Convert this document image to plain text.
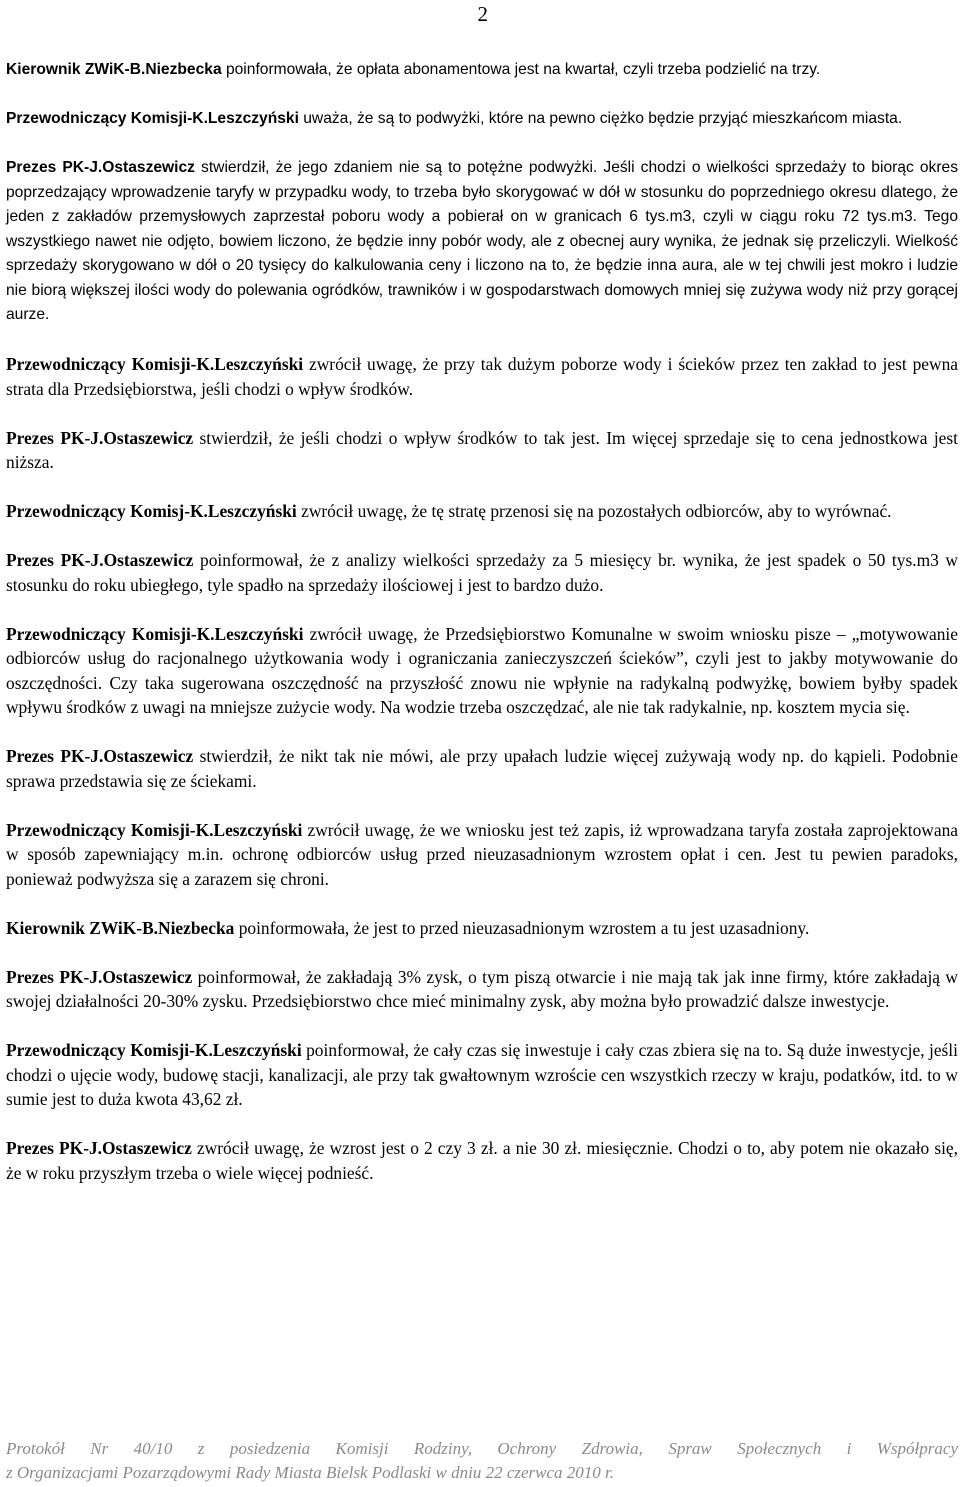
2

Kierownik ZWiK-B.Niezbecka poinformowała, że opłata abonamentowa jest na kwartał, czyli trzeba podzielić na trzy.

Przewodniczący Komisji-K.Leszczyński uważa, że są to podwyżki, które na pewno ciężko będzie przyjąć mieszkańcom miasta.

Prezes PK-J.Ostaszewicz stwierdził, że jego zdaniem nie są to potężne podwyżki. Jeśli chodzi o wielkości sprzedaży to biorąc okres poprzedzający wprowadzenie taryfy w przypadku wody, to trzeba było skorygować w dół w stosunku do poprzedniego okresu dlatego, że jeden z zakładów przemysłowych zaprzestał poboru wody a pobierał on w granicach 6 tys.m3, czyli w ciągu roku 72 tys.m3. Tego wszystkiego nawet nie odjęto, bowiem liczono, że będzie inny pobór wody, ale z obecnej aury wynika, że jednak się przeliczyli. Wielkość sprzedaży skorygowano w dół o 20 tysięcy do kalkulowania ceny i liczono na to, że będzie inna aura, ale w tej chwili jest mokro i ludzie nie biorą większej ilości wody do polewania ogródków, trawników i w gospodarstwach domowych mniej się zużywa wody niż przy gorącej aurze.

Przewodniczący Komisji-K.Leszczyński zwrócił uwagę, że przy tak dużym poborze wody i ścieków przez ten zakład to jest pewna strata dla Przedsiębiorstwa, jeśli chodzi o wpływ środków.

Prezes PK-J.Ostaszewicz stwierdził, że jeśli chodzi o wpływ środków to tak jest. Im więcej sprzedaje się to cena jednostkowa jest niższa.

Przewodniczący Komisj-K.Leszczyński zwrócił uwagę, że tę stratę przenosi się na pozostałych odbiorców, aby to wyrównać.

Prezes PK-J.Ostaszewicz poinformował, że z analizy wielkości sprzedaży za 5 miesięcy br. wynika, że jest spadek o 50 tys.m3 w stosunku do roku ubiegłego, tyle spadło na sprzedaży ilościowej i jest to bardzo dużo.

Przewodniczący Komisji-K.Leszczyński zwrócił uwagę, że Przedsiębiorstwo Komunalne w swoim wniosku pisze – „motywowanie odbiorców usług do racjonalnego użytkowania wody i ograniczania zanieczyszczeń ścieków”, czyli jest to jakby motywowanie do oszczędności. Czy taka sugerowana oszczędność na przyszłość znowu nie wpłynie na radykalną podwyżkę, bowiem byłby spadek wpływu środków z uwagi na mniejsze zużycie wody. Na wodzie trzeba oszczędzać, ale nie tak radykalnie, np. kosztem mycia się.

Prezes PK-J.Ostaszewicz stwierdził, że nikt tak nie mówi, ale przy upałach ludzie więcej zużywają wody np. do kąpieli. Podobnie sprawa przedstawia się ze ściekami.

Przewodniczący Komisji-K.Leszczyński zwrócił uwagę, że we wniosku jest też zapis, iż wprowadzana taryfa została zaprojektowana w sposób zapewniający m.in. ochronę odbiorców usług przed nieuzasadnionym wzrostem opłat i cen. Jest tu pewien paradoks, ponieważ podwyższa się a zarazem się chroni.

Kierownik ZWiK-B.Niezbecka poinformowała, że jest to przed nieuzasadnionym wzrostem a tu jest uzasadniony.

Prezes PK-J.Ostaszewicz poinformował, że zakładają 3% zysk, o tym piszą otwarcie i nie mają tak jak inne firmy, które zakładają w swojej działalności 20-30% zysku. Przedsiębiorstwo chce mieć minimalny zysk, aby można było prowadzić dalsze inwestycje.

Przewodniczący Komisji-K.Leszczyński poinformował, że cały czas się inwestuje i cały czas zbiera się na to. Są duże inwestycje, jeśli chodzi o ujęcie wody, budowę stacji, kanalizacji, ale przy tak gwałtownym wzroście cen wszystkich rzeczy w kraju, podatków, itd. to w sumie jest to duża kwota 43,62 zł.

Prezes PK-J.Ostaszewicz zwrócił uwagę, że wzrost jest o 2 czy 3 zł. a nie 30 zł. miesięcznie. Chodzi o to, aby potem nie okazało się, że w roku przyszłym trzeba o wiele więcej podnieść.

Protokół Nr 40/10 z posiedzenia Komisji Rodziny, Ochrony Zdrowia, Spraw Społecznych i Współpracy
z Organizacjami Pozarządowymi Rady Miasta Bielsk Podlaski w dniu 22 czerwca 2010 r.
